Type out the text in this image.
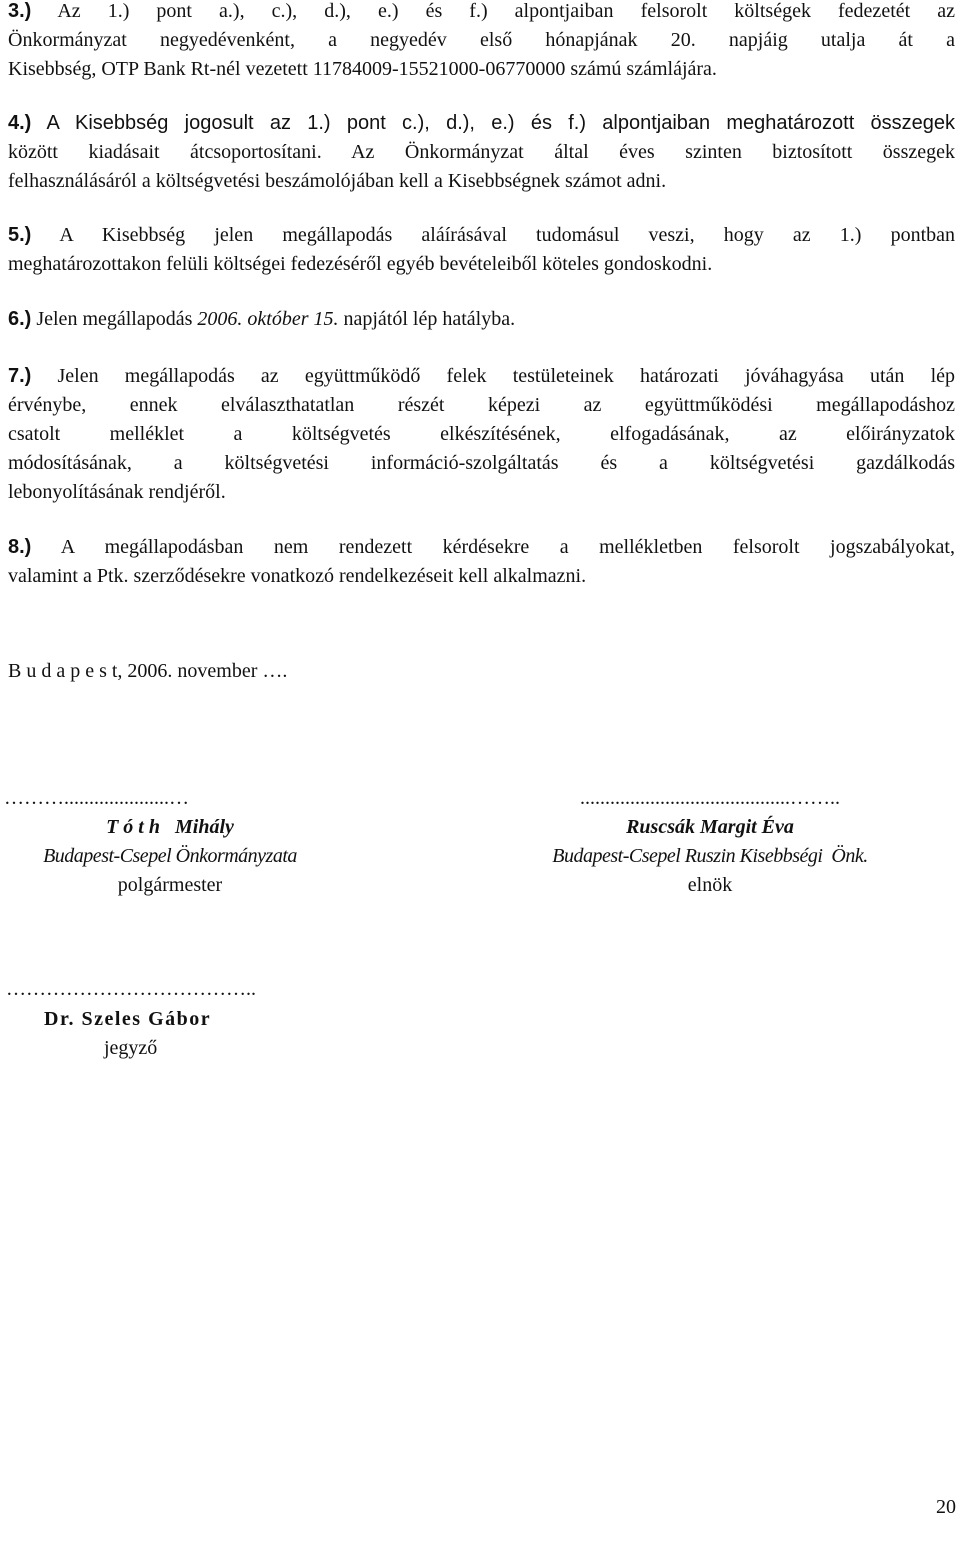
3.) Az 1.) pont a.), c.), d.), e.) és f.) alpontjaiban felsorolt költségek fedezetét az
Önkormányzat negyedévenként, a negyedév első hónapjának 20. napjáig utalja át a
Kisebbség, OTP Bank Rt-nél vezetett 11784009-15521000-06770000 számú számlájára.
4.) A Kisebbség jogosult az 1.) pont c.), d.), e.) és f.) alpontjaiban meghatározott összegek
között kiadásait átcsoportosítani. Az Önkormányzat által éves szinten biztosított összegek
felhasználásáról a költségvetési beszámolójában kell a Kisebbségnek számot adni.
5.) A Kisebbség jelen megállapodás aláírásával tudomásul veszi, hogy az 1.) pontban
meghatározottakon felüli költségei fedezéséről egyéb bevételeiből köteles gondoskodni.
6.) Jelen megállapodás 2006. október 15. napjától lép hatályba.
7.) Jelen megállapodás az együttműködő felek testületeinek határozati jóváhagyása után lép
érvénybe, ennek elválaszthatatlan részét képezi az együttműködési megállapodáshoz
csatolt melléklet a költségvetés elkészítésének, elfogadásának, az előirányzatok
módosításának, a költségvetési információ-szolgáltatás és a költségvetési gazdálkodás
lebonyolításának rendjéről.
8.) A megállapodásban nem rendezett kérdésekre a mellékletben felsorolt jogszabályokat,
valamint a Ptk. szerződésekre vonatkozó rendelkezéseit kell alkalmazni.
B u d a p e s t, 2006. november ….
……….....................…
T ó t h   Mihály
Budapest-Csepel Önkormányzata
polgármester
..........................................……..
Ruscsák Margit Éva
Budapest-Csepel Ruszin Kisebbségi  Önk.
elnök
………………………………..
Dr. Szeles Gábor
jegyző
20
